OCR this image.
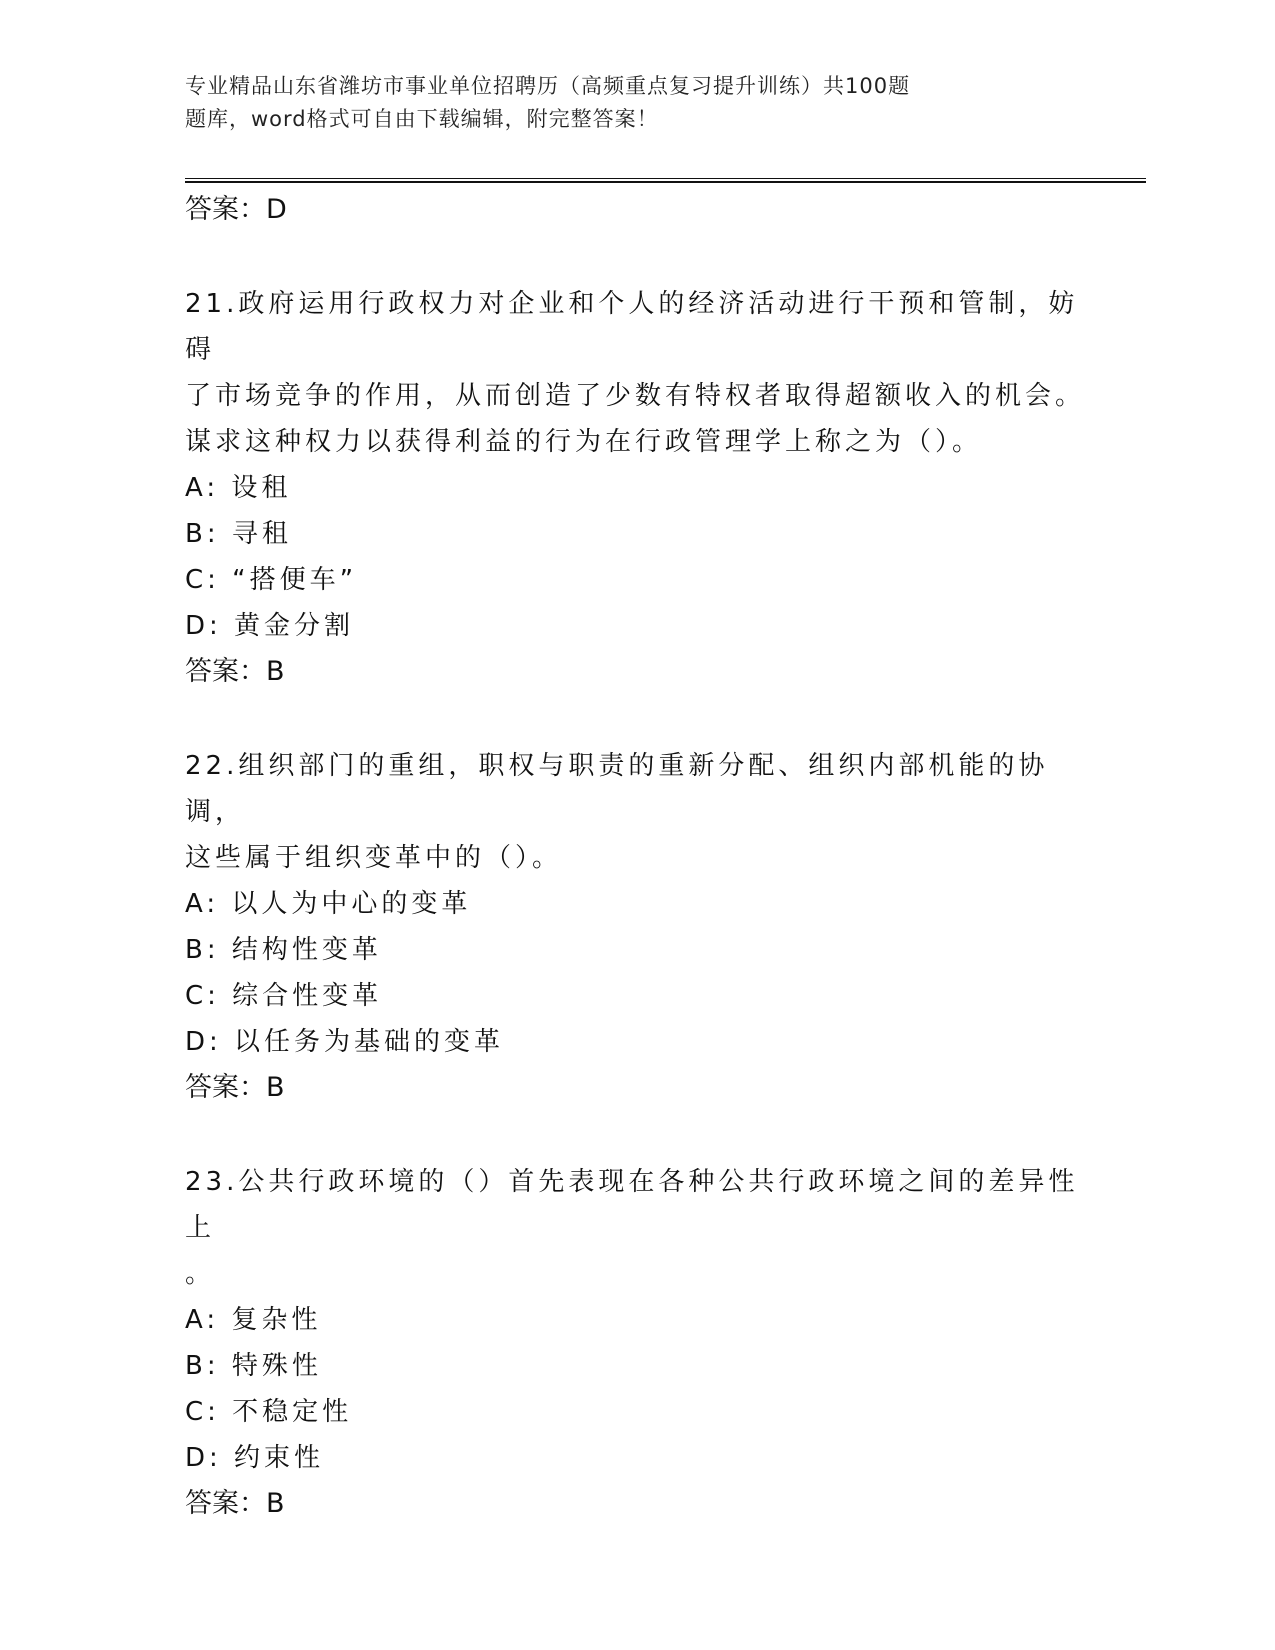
专业精品山东省潍坊市事业单位招聘历（高频重点复习提升训练）共100题
题库，word格式可自由下载编辑，附完整答案！
答案：D

21.政府运用行政权力对企业和个人的经济活动进行干预和管制，妨碍

了市场竞争的作用，从而创造了少数有特权者取得超额收入的机会。

谋求这种权力以获得利益的行为在行政管理学上称之为（）。

A: 设租

B: 寻租

C: “搭便车”

D: 黄金分割

答案：B

22.组织部门的重组，职权与职责的重新分配、组织内部机能的协调，

这些属于组织变革中的（）。

A: 以人为中心的变革

B: 结构性变革

C: 综合性变革

D: 以任务为基础的变革

答案：B

23.公共行政环境的（）首先表现在各种公共行政环境之间的差异性上

。

A: 复杂性

B: 特殊性

C: 不稳定性

D: 约束性

答案：B
